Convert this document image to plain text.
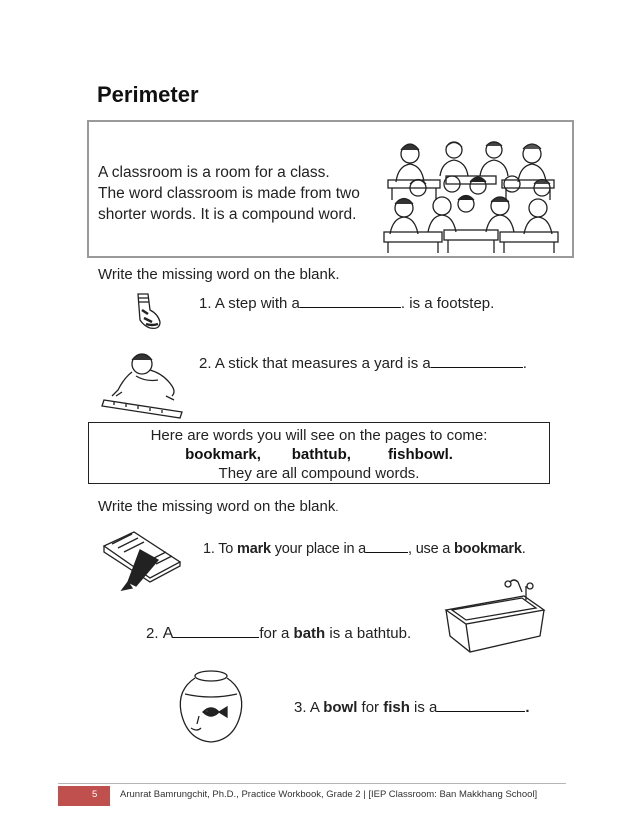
Perimeter
A classroom is a room for a class.
The word classroom is made from two
shorter words. It is a compound word.
Write the missing word on the blank.
1. A step with a	. is a footstep.
2. A stick that measures a yard is a	.
Here are words you will see on the pages to come:
bookmark, bathtub, fishbowl.
They are all compound words.
Write the missing word on the blank.
1. To mark your place in a	, use a bookmark.
2. A	for a bath is a bathtub.
3. A bowl for fish is a	.
5 Arunrat Bamrungchit, Ph.D., Practice Workbook, Grade 2 | [IEP Classroom: Ban Makkhang School]
